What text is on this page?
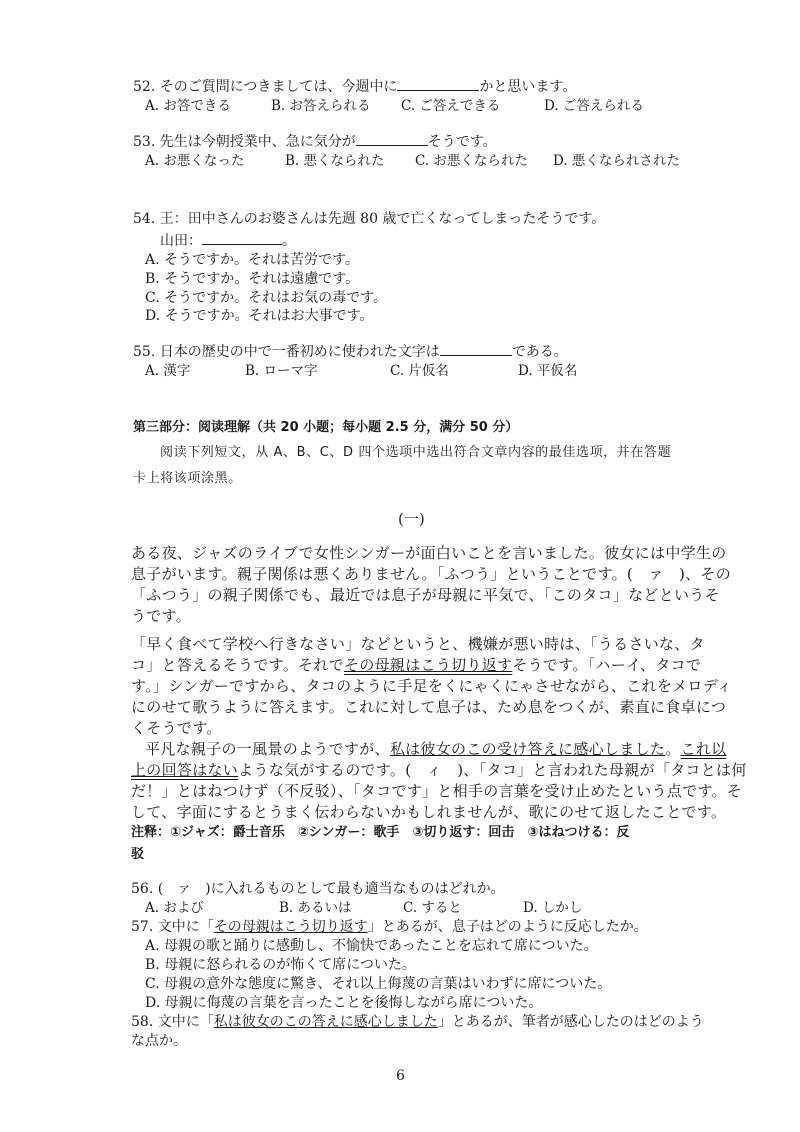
52. そのご質問につきましては、今週中に	かと思います。
A. お答できる	B. お答えられる C. ご答えできる	D. ご答えられる
53. 先生は今朝授業中、急に気分が	そうです。
A. お悪くなった	B. 悪くなられた C. お悪くなられた D. 悪くなられされた
54. 王：田中さんのお婆さんは先週 80 歳で亡くなってしまったそうです。
山田：	。
A. そうですか。それは苦労です。
B. そうですか。それは遠慮です。
C. そうですか。それはお気の毒です。
D. そうですか。それはお大事です。
55. 日本の歴史の中で一番初めに使われた文字は	である。
A. 漢字	B. ローマ字	C. 片仮名	D. 平仮名
第三部分：阅读理解（共 20 小题；每小题 2.5 分，满分 50 分）
阅读下列短文，从 A、B、C、D 四个选项中选出符合文章内容的最佳选项，并在答题
卡上将该项涂黑。
(一)
ある夜、ジャズのライブで女性シンガーが面白いことを言いました。彼女には中学生の
息子がいます。親子関係は悪くありません。「ふつう」ということです。(　ァ　)、その
「ふつう」の親子関係でも、最近では息子が母親に平気で、「このタコ」などというそ
うです。
「早く食べて学校へ行きなさい」などというと、機嫌が悪い時は、「うるさいな、タ
コ」と答えるそうです。それでその母親はこう切り返すそうです。「ハーイ、タコで
す。」シンガーですから、タコのように手足をくにゃくにゃさせながら、これをメロディ
にのせて歌うように答えます。これに対して息子は、ため息をつくが、素直に食卓につ
くそうです。
平凡な親子の一風景のようですが、私は彼女のこの受け答えに感心しました。これ以
上の回答はないような気がするのです。(　ィ　)、「タコ」と言われた母親が「タコとは何
だ！」とはねつけず（不反驳）、「タコです」と相手の言葉を受け止めたという点です。そ
して、字面にするとうまく伝わらないかもしれませんが、歌にのせて返したことです。
注释：①ジャズ：爵士音乐　②シンガー：歌手　③切り返す：回击　③はねつける：反
驳
56. (　ァ　)に入れるものとして最も適当なものはどれか。
A. および	B. あるいは	C. すると	D. しかし
57. 文中に「その母親はこう切り返す」とあるが、息子はどのように反応したか。
A. 母親の歌と踊りに感動し、不愉快であったことを忘れて席についた。
B. 母親に怒られるのが怖くて席についた。
C. 母親の意外な態度に驚き、それ以上侮蔑の言葉はいわずに席についた。
D. 母親に侮蔑の言葉を言ったことを後悔しながら席についた。
58. 文中に「私は彼女のこの答えに感心しました」とあるが、筆者が感心したのはどのよう
な点か。
6
